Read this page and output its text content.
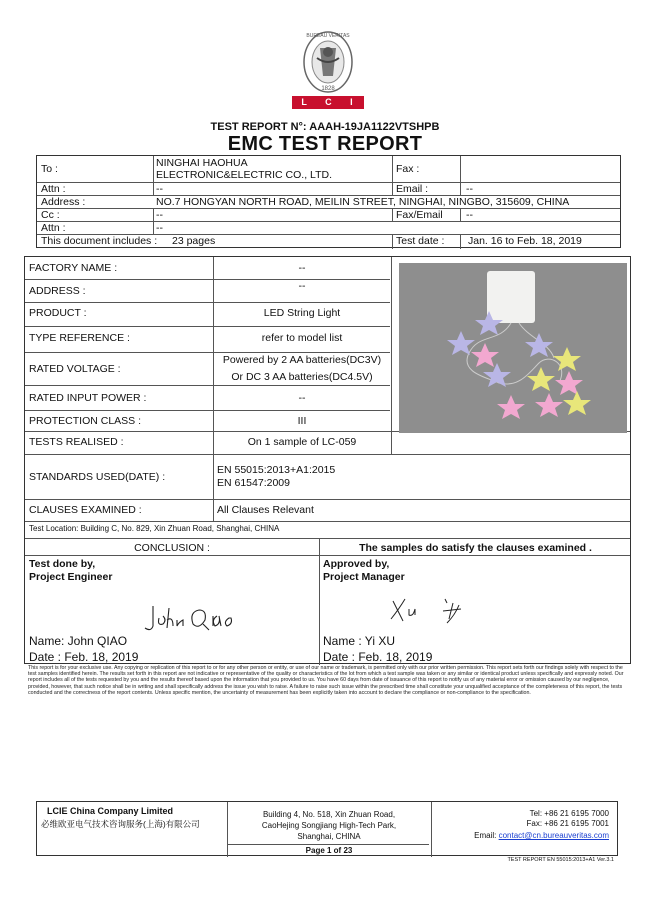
BUREAU VERITAS
1828
L C I E
TEST REPORT N°: AAAH-19JA1122VTSHPB
EMC TEST REPORT
To :	NINGHAI HAOHUA
ELECTRONIC&ELECTRIC CO., LTD.	Fax :
Attn :	--	Email :	--
Address :	NO.7 HONGYAN NORTH ROAD, MEILIN STREET, NINGHAI, NINGBO, 315609, CHINA
Cc :	--	Fax/Email --
Attn :	--
This document includes : 23 pages	Test date : Jan. 16 to Feb. 18, 2019
FACTORY NAME :	--
ADDRESS :	--
PRODUCT :	LED String Light
TYPE REFERENCE :	refer to model list
RATED VOLTAGE :
Powered by 2 AA batteries(DC3V)
Or DC 3 AA batteries(DC4.5V)
RATED INPUT POWER :	--
PROTECTION CLASS :	III
TESTS REALISED :	On 1 sample of LC-059
STANDARDS USED(DATE) :
EN 55015:2013+A1:2015
EN 61547:2009
CLAUSES EXAMINED :	All Clauses Relevant
Test Location: Building C, No. 829, Xin Zhuan Road, Shanghai, CHINA
CONCLUSION :	The samples do satisfy the clauses examined .
Test done by,
Project Engineer
Name: John QIAO
Date : Feb. 18, 2019
Approved by,
Project Manager
Name : Yi XU
Date : Feb. 18, 2019
This report is for your exclusive use. Any copying or replication of this report to or for any other person or entity, or use of our name or trademark, is permitted only with our prior written permission. This report sets forth our findings solely with respect to the test samples identified herein. The results set forth in this report are not indicative or representative of the quality or characteristics of the lot from which a test sample was taken or any similar or identical product unless specifically and expressly noted. Our report includes all of the tests requested by you and the results thereof based upon the information that you provided to us. You have 60 days from date of issuance of this report to notify us of any material error or omission caused by our negligence, provided, however, that such notice shall be in writing and shall specifically address the issue you wish to raise. A failure to raise such issue within the prescribed time shall constitute your unqualified acceptance of the completeness of this report, the tests conducted and the correctness of the report contents. Unless specific mention, the uncertainty of measurement has been explicitly taken into account to declare the compliance or non-compliance to the specification.
LCIE China Company Limited
必维欧亚电气技术咨询服务(上海)有限公司
Building 4, No. 518, Xin Zhuan Road,
CaoHejing Songjiang High-Tech Park,
Shanghai, CHINA
Page 1 of 23
Tel: +86 21 6195 7000
Fax: +86 21 6195 7001
Email: contact@cn.bureauveritas.com
TEST REPORT EN 55015:2013+A1 Ver.3.1
